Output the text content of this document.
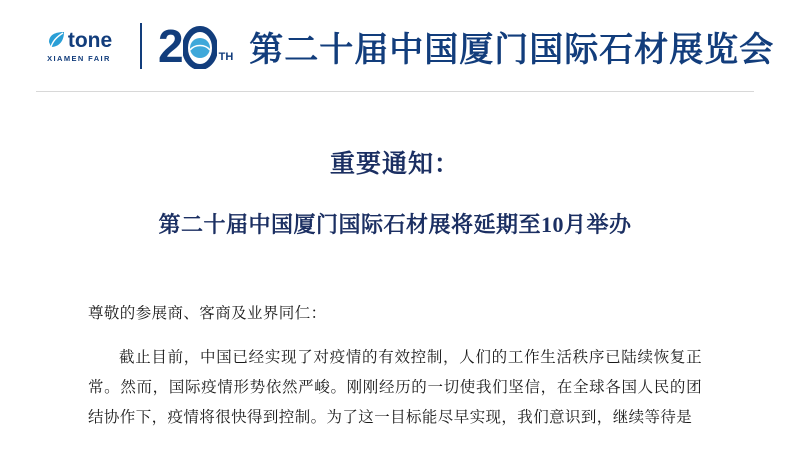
tone
XIAMEN FAIR 2	TH 第二十届中国厦门国际石材展览会
重要通知：
第二十届中国厦门国际石材展将延期至10月举办
尊敬的参展商、客商及业界同仁：
截止目前，中国已经实现了对疫情的有效控制，人们的工作生活秩序已陆续恢复正常。然而，国际疫情形势依然严峻。刚刚经历的一切使我们坚信，在全球各国人民的团结协作下，疫情将很快得到控制。为了这一目标能尽早实现，我们意识到，继续等待是
